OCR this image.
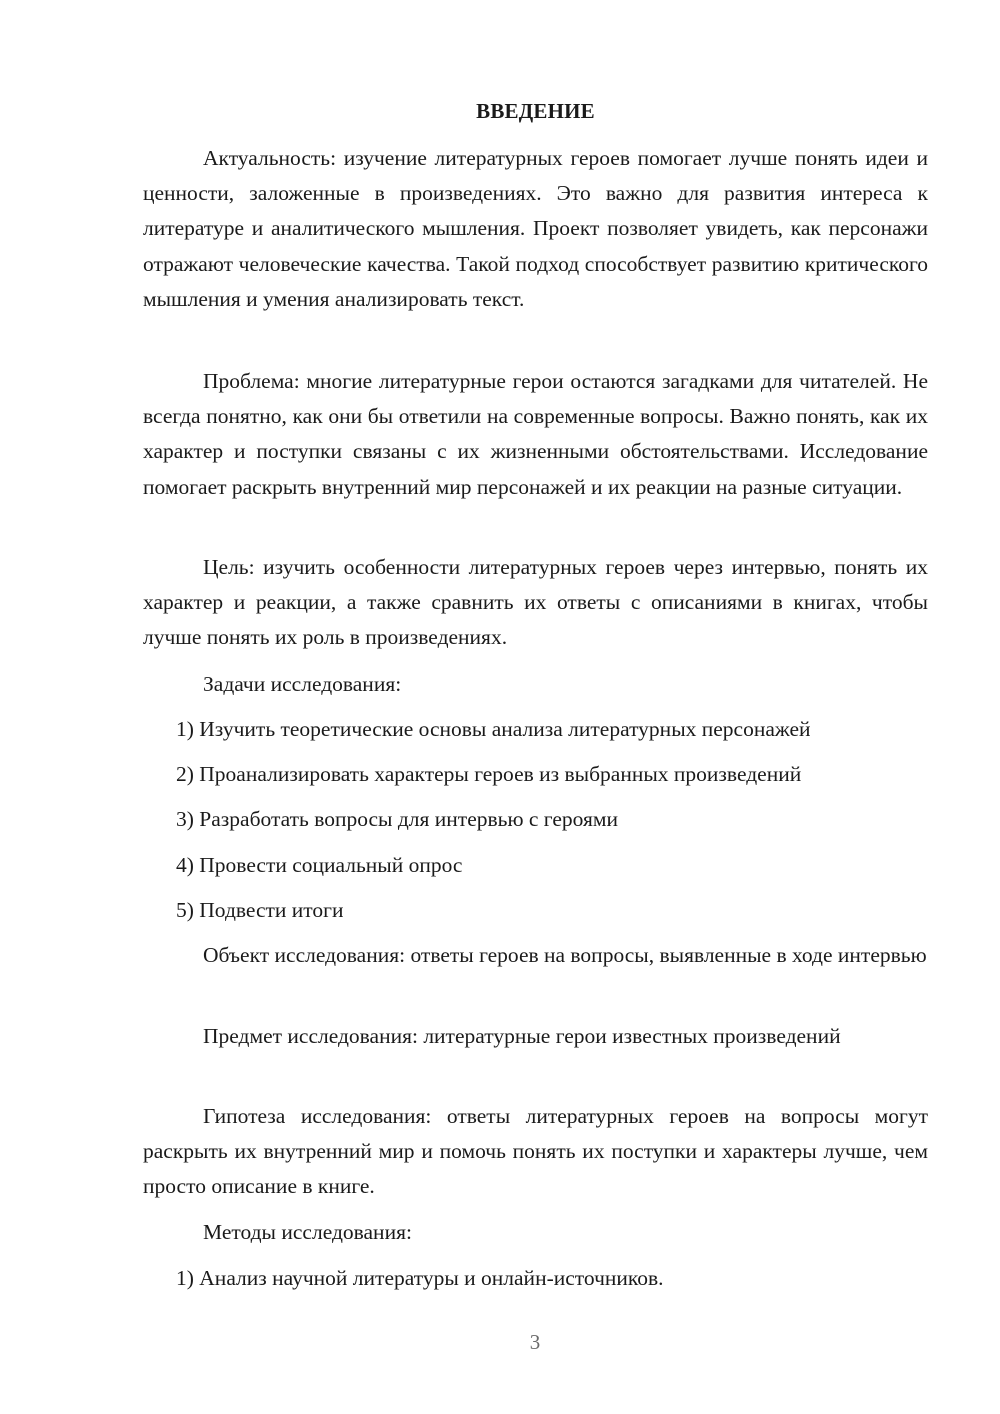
ВВЕДЕНИЕ

Актуальность: изучение литературных героев помогает лучше понять идеи и ценности, заложенные в произведениях. Это важно для развития интереса к литературе и аналитического мышления. Проект позволяет увидеть, как персонажи отражают человеческие качества. Такой подход способствует развитию критического мышления и умения анализировать текст.

Проблема: многие литературные герои остаются загадками для читателей. Не всегда понятно, как они бы ответили на современные вопросы. Важно понять, как их характер и поступки связаны с их жизненными обстоятельствами. Исследование помогает раскрыть внутренний мир персонажей и их реакции на разные ситуации.

Цель: изучить особенности литературных героев через интервью, понять их характер и реакции, а также сравнить их ответы с описаниями в книгах, чтобы лучше понять их роль в произведениях.

Задачи исследования:
1) Изучить теоретические основы анализа литературных персонажей
2) Проанализировать характеры героев из выбранных произведений
3) Разработать вопросы для интервью с героями
4) Провести социальный опрос
5) Подвести итоги

Объект исследования: ответы героев на вопросы, выявленные в ходе интервью

Предмет исследования: литературные герои известных произведений

Гипотеза исследования: ответы литературных героев на вопросы могут раскрыть их внутренний мир и помочь понять их поступки и характеры лучше, чем просто описание в книге.

Методы исследования:
1) Анализ научной литературы и онлайн-источников.
3
